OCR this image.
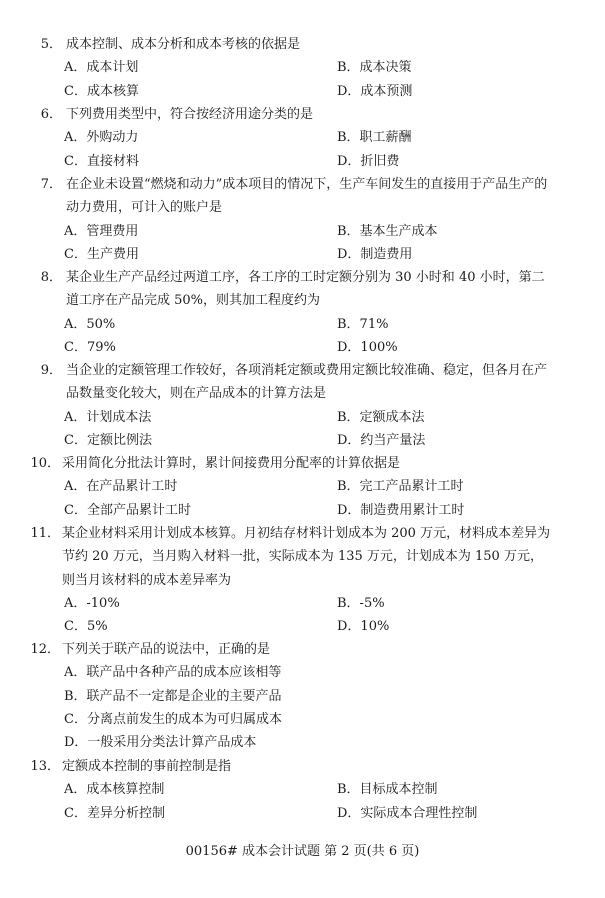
5． 成本控制、成本分析和成本考核的依据是
A．成本计划	B．成本决策
C．成本核算	D．成本预测
6． 下列费用类型中，符合按经济用途分类的是
A．外购动力	B．职工薪酬
C．直接材料	D．折旧费
7． 在企业未设置“燃烧和动力”成本项目的情况下，生产车间发生的直接用于产品生产的动力费用，可计入的账户是
A．管理费用	B．基本生产成本
C．生产费用	D．制造费用
8． 某企业生产产品经过两道工序，各工序的工时定额分别为 30 小时和 40 小时，第二道工序在产品完成 50%，则其加工程度约为
A．50%	B．71%
C．79%	D．100%
9． 当企业的定额管理工作较好，各项消耗定额或费用定额比较准确、稳定，但各月在产品数量变化较大，则在产品成本的计算方法是
A．计划成本法	B．定额成本法
C．定额比例法	D．约当产量法
10． 采用简化分批法计算时，累计间接费用分配率的计算依据是
A．在产品累计工时	B．完工产品累计工时
C．全部产品累计工时	D．制造费用累计工时
11． 某企业材料采用计划成本核算。月初结存材料计划成本为 200 万元，材料成本差异为节约 20 万元，当月购入材料一批，实际成本为 135 万元，计划成本为 150 万元，则当月该材料的成本差异率为
A．-10%	B．-5%
C．5%	D．10%
12． 下列关于联产品的说法中，正确的是
A．联产品中各种产品的成本应该相等
B．联产品不一定都是企业的主要产品
C．分离点前发生的成本为可归属成本
D．一般采用分类法计算产品成本
13． 定额成本控制的事前控制是指
A．成本核算控制	B．目标成本控制
C．差异分析控制	D．实际成本合理性控制
00156# 成本会计试题 第 2 页(共 6 页)
